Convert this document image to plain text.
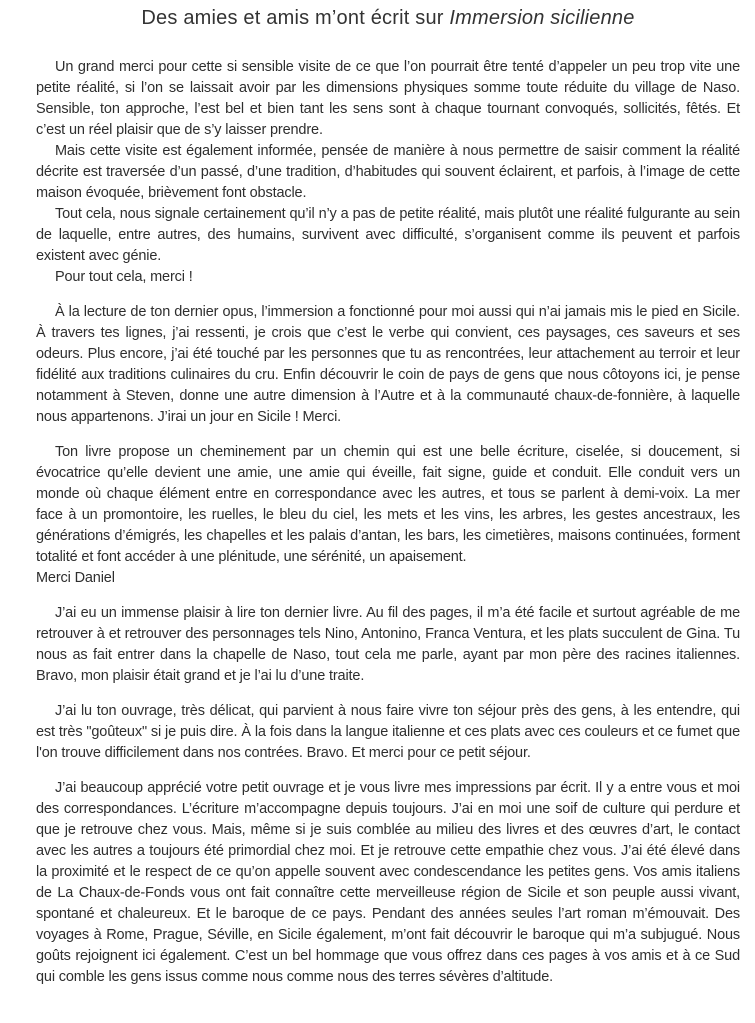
Des amies et amis m’ont écrit sur Immersion sicilienne

Un grand merci pour cette si sensible visite de ce que l’on pourrait être tenté d’appeler un peu trop vite une petite réalité, si l’on se laissait avoir par les dimensions physiques somme toute réduite du village de Naso. Sensible, ton approche, l’est bel et bien tant les sens sont à chaque tournant convoqués, sollicités, fêtés. Et c’est un réel plaisir que de s’y laisser prendre.

Mais cette visite est également informée, pensée de manière à nous permettre de saisir comment la réalité décrite est traversée d’un passé, d’une tradition, d’habitudes qui souvent éclairent, et parfois, à l’image de cette maison évoquée, brièvement font obstacle.

Tout cela, nous signale certainement qu’il n’y a pas de petite réalité, mais plutôt une réalité fulgurante au sein de laquelle, entre autres, des humains, survivent avec difficulté, s’organisent comme ils peuvent et parfois existent avec génie.

Pour tout cela, merci !

À la lecture de ton dernier opus, l’immersion a fonctionné pour moi aussi qui n’ai jamais mis le pied en Sicile. À travers tes lignes, j’ai ressenti, je crois que c’est le verbe qui convient, ces paysages, ces saveurs et ses odeurs. Plus encore, j’ai été touché par les personnes que tu as rencontrées, leur attachement au terroir et leur fidélité aux traditions culinaires du cru. Enfin découvrir le coin de pays de gens que nous côtoyons ici, je pense notamment à Steven, donne une autre dimension à l’Autre et à la communauté chaux-de-fonnière, à laquelle nous appartenons. J’irai un jour en Sicile ! Merci.

Ton livre propose un cheminement par un chemin qui est une belle écriture, ciselée, si doucement, si évocatrice qu’elle devient une amie, une amie qui éveille, fait signe, guide et conduit. Elle conduit vers un monde où chaque élément entre en correspondance avec les autres, et tous se parlent à demi-voix. La mer face à un promontoire, les ruelles, le bleu du ciel, les mets et les vins, les arbres, les gestes ancestraux, les générations d’émigrés, les chapelles et les palais d’antan, les bars, les cimetières, maisons continuées, forment totalité et font accéder à une plénitude, une sérénité, un apaisement.

Merci Daniel

J’ai eu un immense plaisir à lire ton dernier livre. Au fil des pages, il m’a été facile et surtout agréable de me retrouver à et retrouver des personnages tels Nino, Antonino, Franca Ventura, et les plats succulent de Gina. Tu nous as fait entrer dans la chapelle de Naso, tout cela me parle, ayant par mon père des racines italiennes. Bravo, mon plaisir était grand et je l’ai lu d’une traite.

J’ai lu ton ouvrage, très délicat, qui parvient à nous faire vivre ton séjour près des gens, à les entendre, qui est très "goûteux" si je puis dire. À la fois dans la langue italienne et ces plats avec ces couleurs et ce fumet que l'on trouve difficilement dans nos contrées. Bravo. Et merci pour ce petit séjour.

J’ai beaucoup apprécié votre petit ouvrage et je vous livre mes impressions par écrit. Il y a entre vous et moi des correspondances. L’écriture m’accompagne depuis toujours. J’ai en moi une soif de culture qui perdure et que je retrouve chez vous. Mais, même si je suis comblée au milieu des livres et des œuvres d’art, le contact avec les autres a toujours été primordial chez moi. Et je retrouve cette empathie chez vous. J’ai été élevé dans la proximité et le respect de ce qu’on appelle souvent avec condescendance les petites gens. Vos amis italiens de La Chaux-de-Fonds vous ont fait connaître cette merveilleuse région de Sicile et son peuple aussi vivant, spontané et chaleureux. Et le baroque de ce pays. Pendant des années seules l’art roman m’émouvait. Des voyages à Rome, Prague, Séville, en Sicile également, m’ont fait découvrir le baroque qui m’a subjugué. Nous goûts rejoignent ici également. C’est un bel hommage que vous offrez dans ces pages à vos amis et à ce Sud qui comble les gens issus comme nous comme nous des terres sévères d’altitude.
